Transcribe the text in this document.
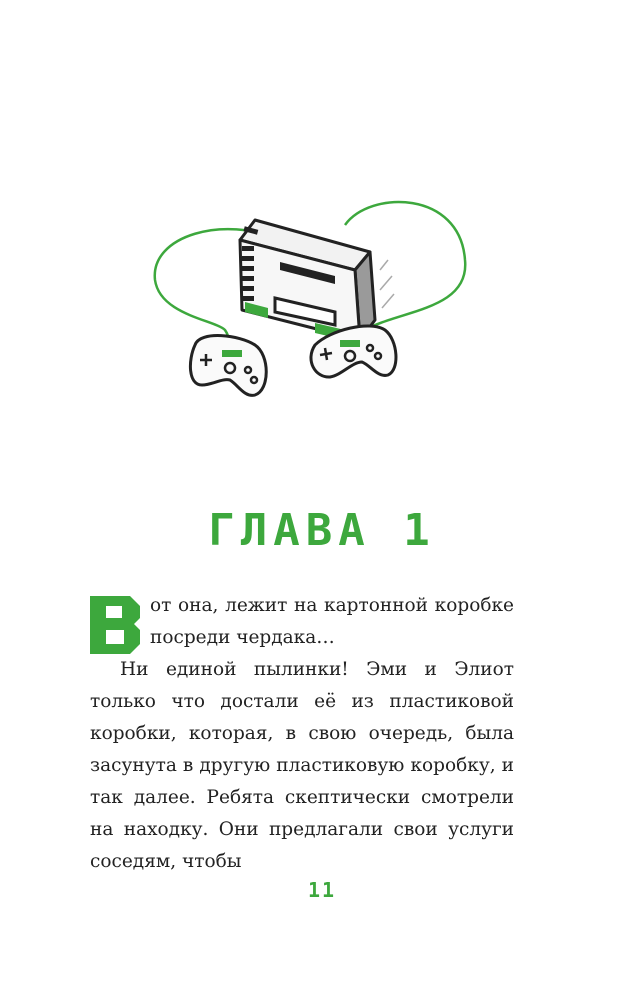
ГЛАВА 1

от она, лежит на картонной коробке посреди чердака…

Ни единой пылинки! Эми и Элиот только что достали её из пластиковой коробки, которая, в свою очередь, была засунута в другую пластиковую коробку, и так далее. Ребята скептически смотрели на находку. Они предлагали свои услуги соседям, чтобы

11
